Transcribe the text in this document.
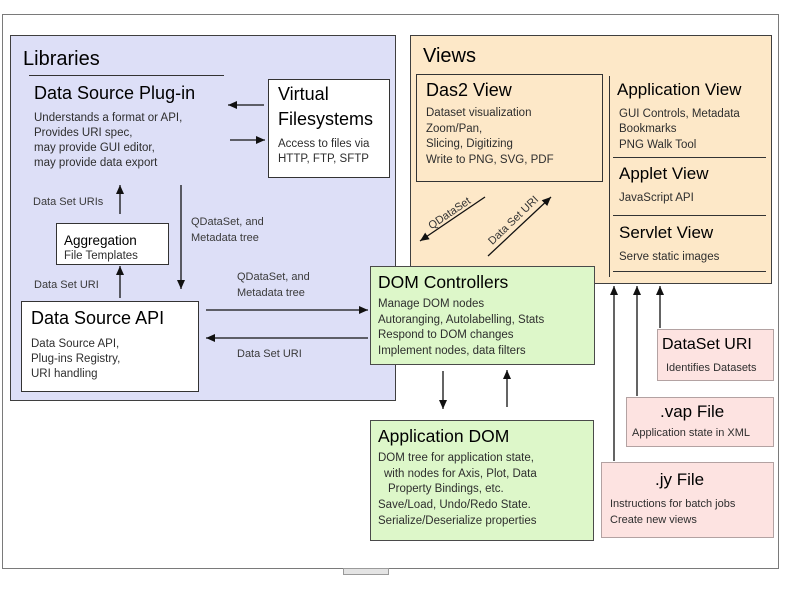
Libraries
Data Source Plug-in
Understands a format or API,
Provides URI spec,
may provide GUI editor,
may provide data export
Virtual
Filesystems
Access to files via
HTTP, FTP, SFTP
Data Set URIs
QDataSet, and
Metadata tree
Aggregation
File Templates
Data Set URI
Data Source API
Data Source API,
Plug-ins Registry,
URI handling
Views
Das2 View
Dataset visualization
Zoom/Pan,
Slicing, Digitizing
Write to PNG, SVG, PDF
Application View
GUI Controls, Metadata
Bookmarks
PNG Walk Tool
Applet View
JavaScript API
Servlet View
Serve static images
DOM Controllers
Manage DOM nodes
Autoranging, Autolabelling, Stats
Respond to DOM changes
Implement nodes, data filters
Application DOM
DOM tree for application state,
with nodes for Axis, Plot, Data
Property Bindings, etc.
Save/Load, Undo/Redo State.
Serialize/Deserialize properties
DataSet URI
Identifies Datasets
.vap File
Application state in XML
.jy File
Instructions for batch jobs
Create new views
QDataSet, and
Metadata tree
Data Set URI
QDataSet Data Set URI
